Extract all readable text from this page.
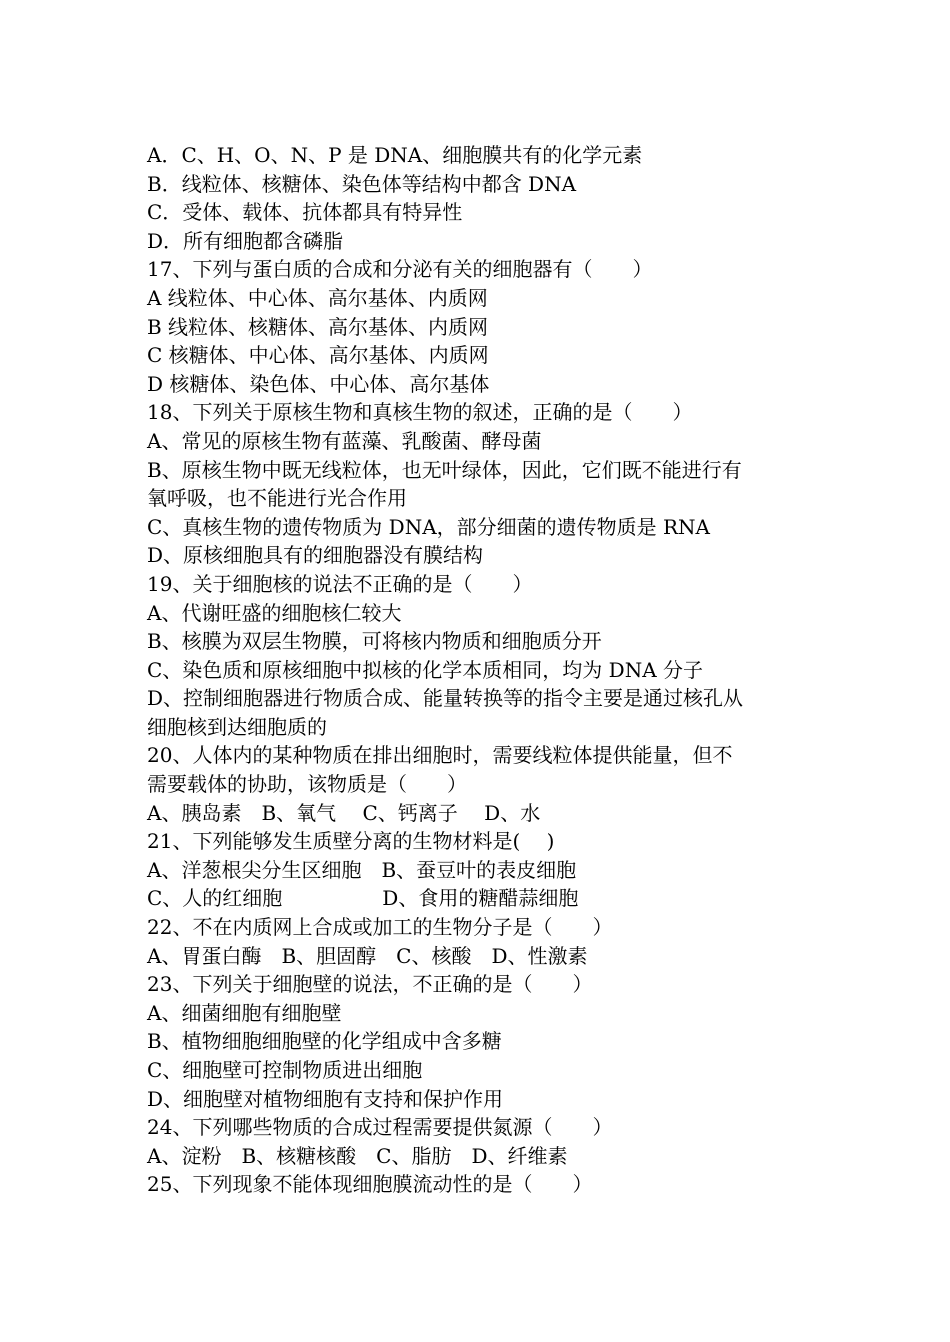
A．C、H、O、N、P 是 DNA、细胞膜共有的化学元素
B．线粒体、核糖体、染色体等结构中都含 DNA
C．受体、载体、抗体都具有特异性
D．所有细胞都含磷脂
17、下列与蛋白质的合成和分泌有关的细胞器有（　　）
A 线粒体、中心体、高尔基体、内质网
B 线粒体、核糖体、高尔基体、内质网
C 核糖体、中心体、高尔基体、内质网
D 核糖体、染色体、中心体、高尔基体
18、下列关于原核生物和真核生物的叙述，正确的是（　　）
A、常见的原核生物有蓝藻、乳酸菌、酵母菌
B、原核生物中既无线粒体，也无叶绿体，因此，它们既不能进行有
氧呼吸，也不能进行光合作用
C、真核生物的遗传物质为 DNA，部分细菌的遗传物质是 RNA
D、原核细胞具有的细胞器没有膜结构
19、关于细胞核的说法不正确的是（　　）
A、代谢旺盛的细胞核仁较大
B、核膜为双层生物膜，可将核内物质和细胞质分开
C、染色质和原核细胞中拟核的化学本质相同，均为 DNA 分子
D、控制细胞器进行物质合成、能量转换等的指令主要是通过核孔从
细胞核到达细胞质的
20、人体内的某种物质在排出细胞时，需要线粒体提供能量，但不
需要载体的协助，该物质是（　　）
A、胰岛素　B、氧气　 C、钙离子　 D、水
21、下列能够发生质壁分离的生物材料是(　 )
A、洋葱根尖分生区细胞　B、蚕豆叶的表皮细胞
C、人的红细胞　　　　　D、食用的糖醋蒜细胞
22、不在内质网上合成或加工的生物分子是（　　）
A、胃蛋白酶　B、胆固醇　C、核酸　D、性激素
23、下列关于细胞壁的说法，不正确的是（　　）
A、细菌细胞有细胞壁
B、植物细胞细胞壁的化学组成中含多糖
C、细胞壁可控制物质进出细胞
D、细胞壁对植物细胞有支持和保护作用
24、下列哪些物质的合成过程需要提供氮源（　　）
A、淀粉　B、核糖核酸　C、脂肪　D、纤维素
25、下列现象不能体现细胞膜流动性的是（　　）
